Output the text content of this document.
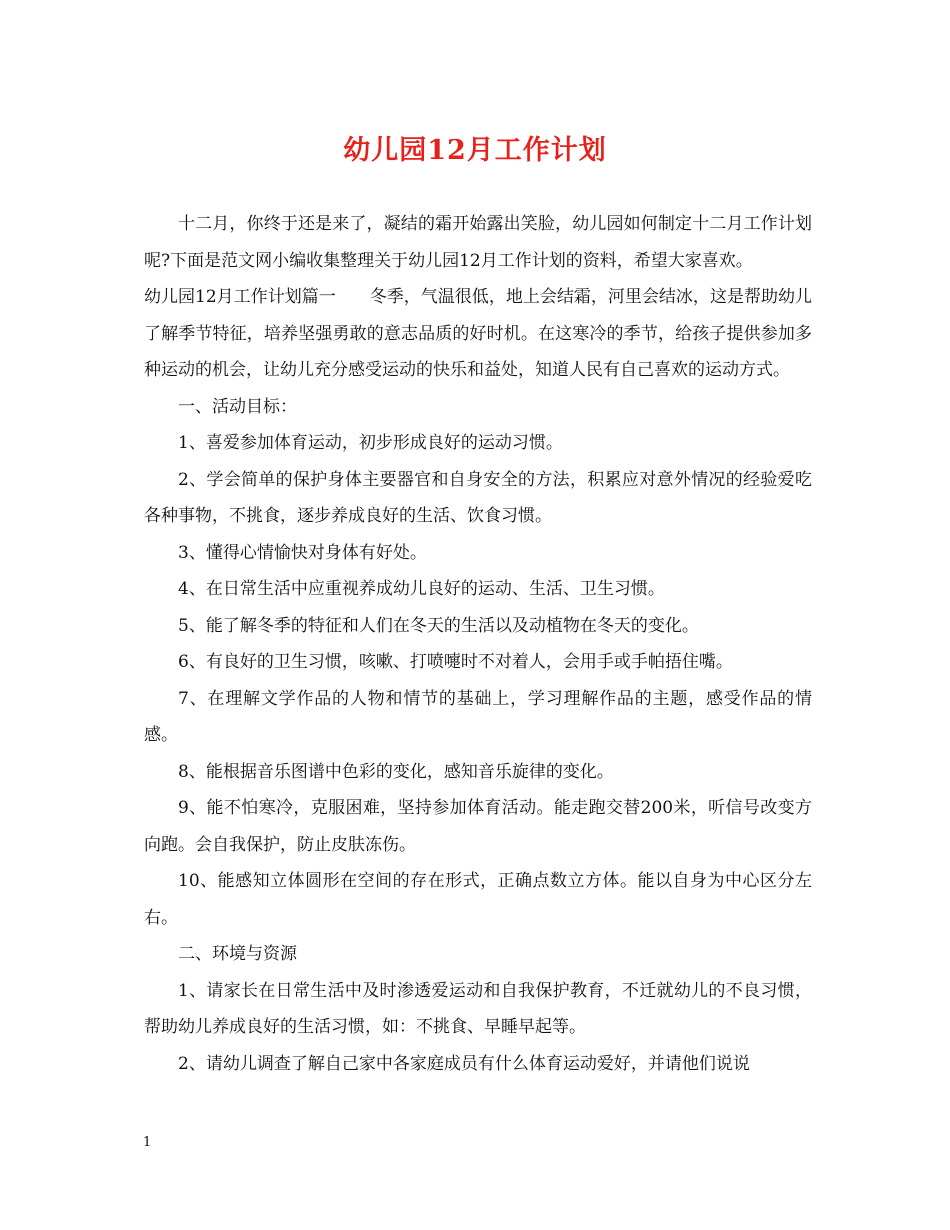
幼儿园12月工作计划

十二月，你终于还是来了，凝结的霜开始露出笑脸，幼儿园如何制定十二月工作计划呢?下面是范文网小编收集整理关于幼儿园12月工作计划的资料，希望大家喜欢。

幼儿园12月工作计划篇一　　冬季，气温很低，地上会结霜，河里会结冰，这是帮助幼儿了解季节特征，培养坚强勇敢的意志品质的好时机。在这寒冷的季节，给孩子提供参加多种运动的机会，让幼儿充分感受运动的快乐和益处，知道人民有自己喜欢的运动方式。

一、活动目标：

1、喜爱参加体育运动，初步形成良好的运动习惯。

2、学会简单的保护身体主要器官和自身安全的方法，积累应对意外情况的经验爱吃各种事物，不挑食，逐步养成良好的生活、饮食习惯。

3、懂得心情愉快对身体有好处。

4、在日常生活中应重视养成幼儿良好的运动、生活、卫生习惯。

5、能了解冬季的特征和人们在冬天的生活以及动植物在冬天的变化。

6、有良好的卫生习惯，咳嗽、打喷嚏时不对着人，会用手或手帕捂住嘴。

7、在理解文学作品的人物和情节的基础上，学习理解作品的主题，感受作品的情感。

8、能根据音乐图谱中色彩的变化，感知音乐旋律的变化。

9、能不怕寒冷，克服困难，坚持参加体育活动。能走跑交替200米，听信号改变方向跑。会自我保护，防止皮肤冻伤。

10、能感知立体圆形在空间的存在形式，正确点数立方体。能以自身为中心区分左右。

二、环境与资源

1、请家长在日常生活中及时渗透爱运动和自我保护教育，不迁就幼儿的不良习惯，帮助幼儿养成良好的生活习惯，如：不挑食、早睡早起等。

2、请幼儿调查了解自己家中各家庭成员有什么体育运动爱好，并请他们说说

1
